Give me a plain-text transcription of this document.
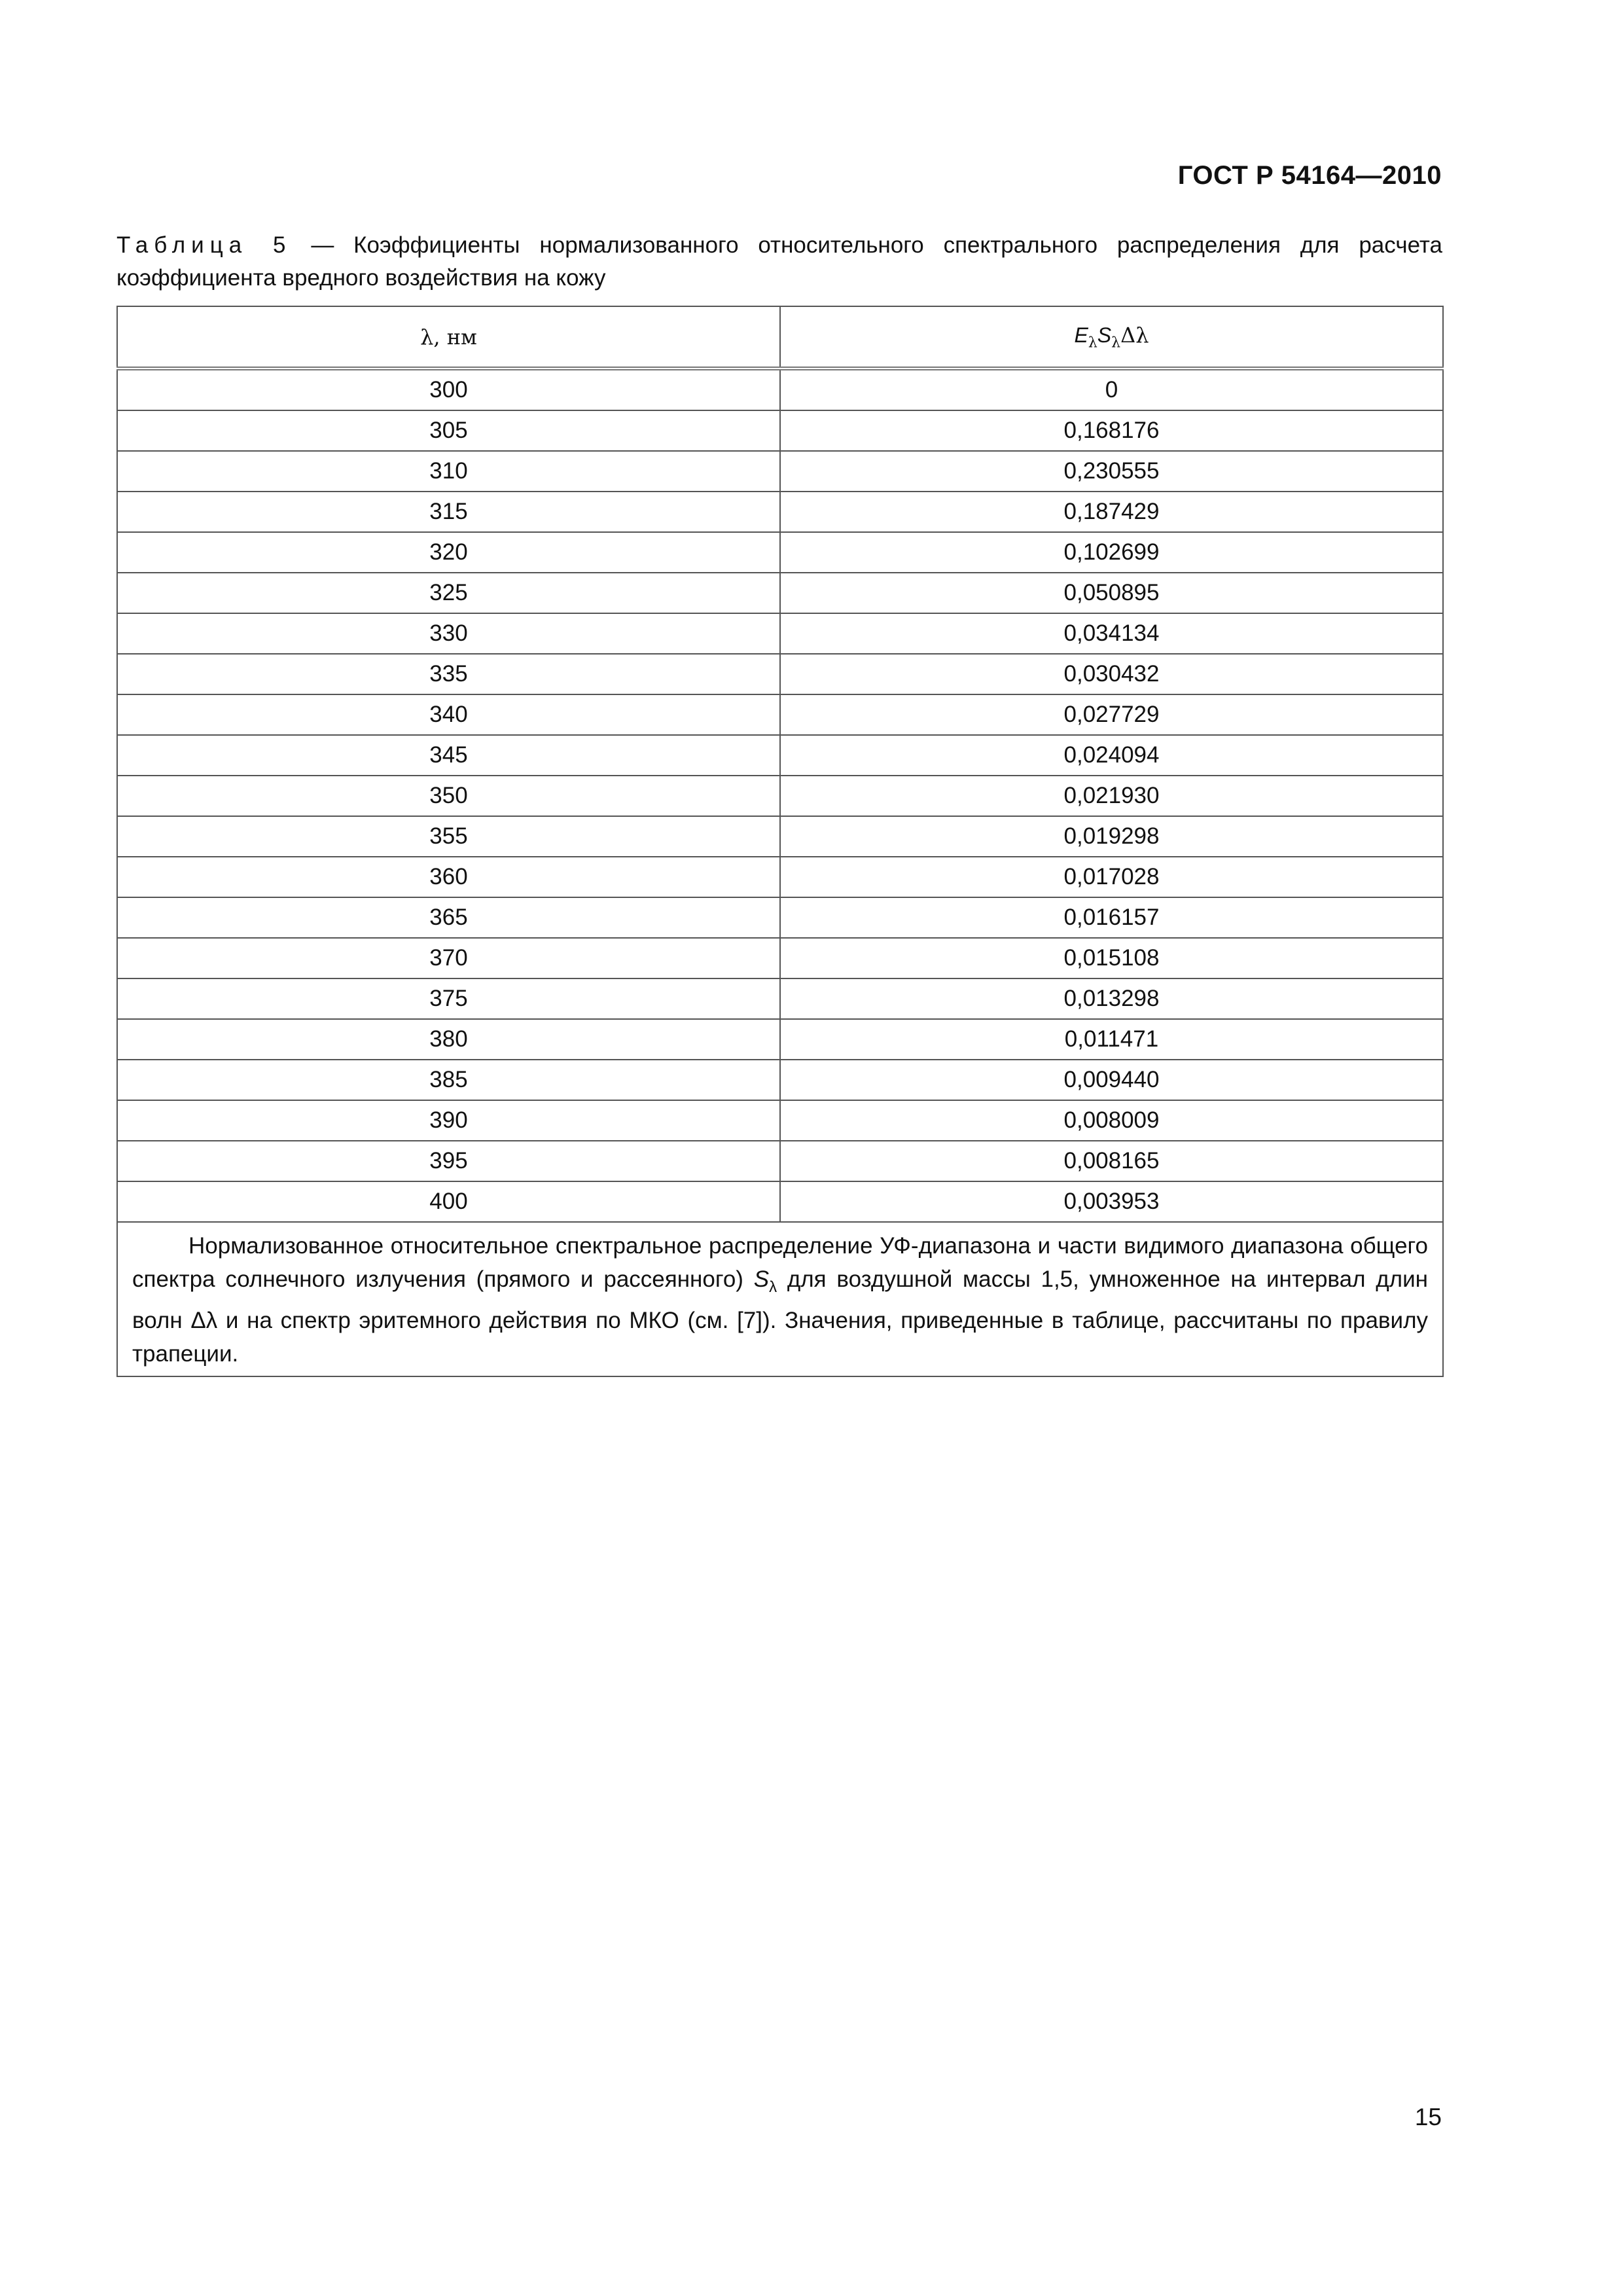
ГОСТ Р 54164—2010
Таблица 5 — Коэффициенты нормализованного относительного спектрального распределения для расчета коэффициента вредного воздействия на кожу
λ, нм	$E_\lambda S_\lambda\Delta\lambda$
300	0
305	0,168176
310	0,230555
315	0,187429
320	0,102699
325	0,050895
330	0,034134
335	0,030432
340	0,027729
345	0,024094
350	0,021930
355	0,019298
360	0,017028
365	0,016157
370	0,015108
375	0,013298
380	0,011471
385	0,009440
390	0,008009
395	0,008165
400	0,003953
Нормализованное относительное спектральное распределение УФ-диапазона и части видимого диапазона общего спектра солнечного излучения (прямого и рассеянного) $S_\lambda$ для воздушной массы 1,5, умноженное на интервал длин волн Δλ и на спектр эритемного действия по МКО (см. [7]). Значения, приведенные в таблице, рассчитаны по правилу трапеции.	
15
